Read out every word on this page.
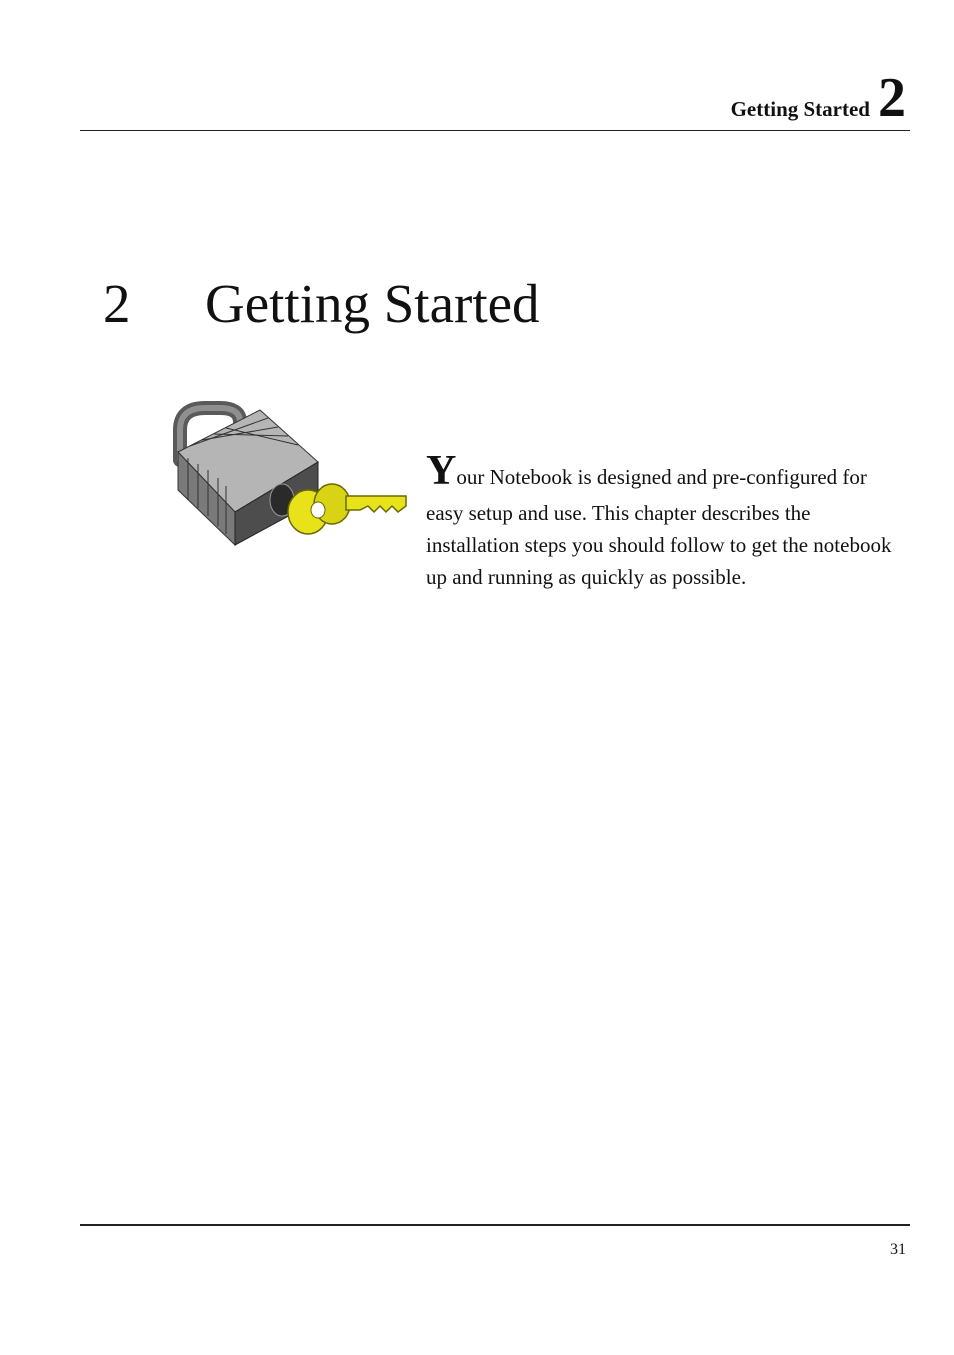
Getting Started 2
2	Getting Started
Your Notebook is designed and pre-configured for
easy setup and use. This chapter describes the installation steps you should follow to get the notebook up and running as quickly as possible.
31
